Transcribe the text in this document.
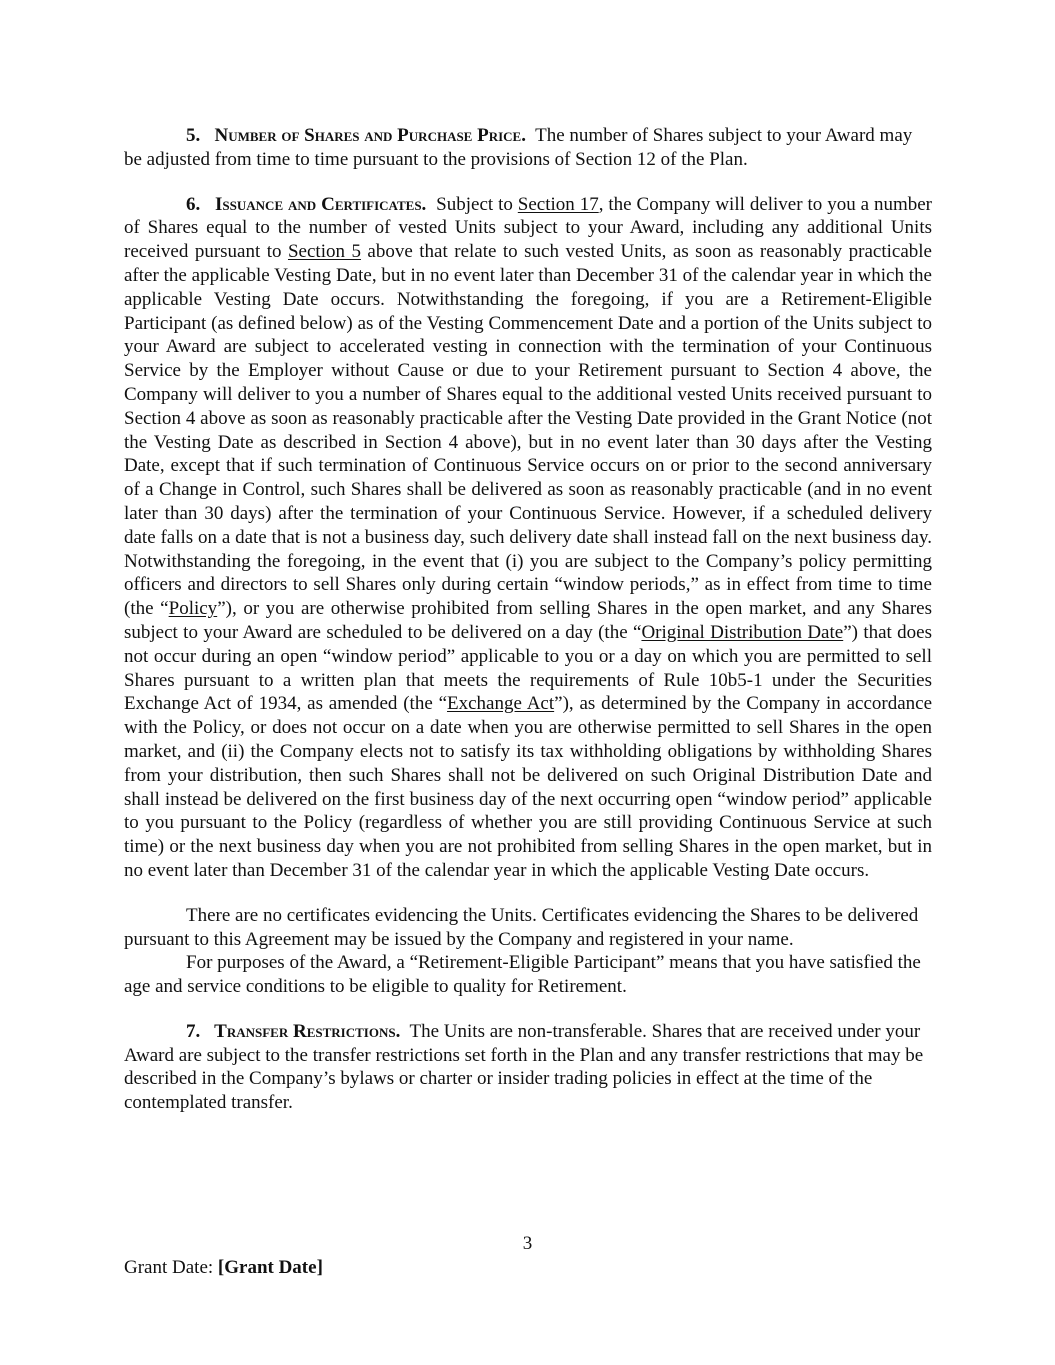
5. Number of Shares and Purchase Price. The number of Shares subject to your Award may be adjusted from time to time pursuant to the provisions of Section 12 of the Plan.

6. Issuance and Certificates. Subject to Section 17, the Company will deliver to you a number of Shares equal to the number of vested Units subject to your Award, including any additional Units received pursuant to Section 5 above that relate to such vested Units, as soon as reasonably practicable after the applicable Vesting Date, but in no event later than December 31 of the calendar year in which the applicable Vesting Date occurs. Notwithstanding the foregoing, if you are a Retirement-Eligible Participant (as defined below) as of the Vesting Commencement Date and a portion of the Units subject to your Award are subject to accelerated vesting in connection with the termination of your Continuous Service by the Employer without Cause or due to your Retirement pursuant to Section 4 above, the Company will deliver to you a number of Shares equal to the additional vested Units received pursuant to Section 4 above as soon as reasonably practicable after the Vesting Date provided in the Grant Notice (not the Vesting Date as described in Section 4 above), but in no event later than 30 days after the Vesting Date, except that if such termination of Continuous Service occurs on or prior to the second anniversary of a Change in Control, such Shares shall be delivered as soon as reasonably practicable (and in no event later than 30 days) after the termination of your Continuous Service. However, if a scheduled delivery date falls on a date that is not a business day, such delivery date shall instead fall on the next business day. Notwithstanding the foregoing, in the event that (i) you are subject to the Company’s policy permitting officers and directors to sell Shares only during certain “window periods,” as in effect from time to time (the “Policy”), or you are otherwise prohibited from selling Shares in the open market, and any Shares subject to your Award are scheduled to be delivered on a day (the “Original Distribution Date”) that does not occur during an open “window period” applicable to you or a day on which you are permitted to sell Shares pursuant to a written plan that meets the requirements of Rule 10b5-1 under the Securities Exchange Act of 1934, as amended (the “Exchange Act”), as determined by the Company in accordance with the Policy, or does not occur on a date when you are otherwise permitted to sell Shares in the open market, and (ii) the Company elects not to satisfy its tax withholding obligations by withholding Shares from your distribution, then such Shares shall not be delivered on such Original Distribution Date and shall instead be delivered on the first business day of the next occurring open “window period” applicable to you pursuant to the Policy (regardless of whether you are still providing Continuous Service at such time) or the next business day when you are not prohibited from selling Shares in the open market, but in no event later than December 31 of the calendar year in which the applicable Vesting Date occurs.

There are no certificates evidencing the Units. Certificates evidencing the Shares to be delivered pursuant to this Agreement may be issued by the Company and registered in your name.

For purposes of the Award, a “Retirement-Eligible Participant” means that you have satisfied the age and service conditions to be eligible to quality for Retirement.

7. Transfer Restrictions. The Units are non-transferable. Shares that are received under your Award are subject to the transfer restrictions set forth in the Plan and any transfer restrictions that may be described in the Company’s bylaws or charter or insider trading policies in effect at the time of the contemplated transfer.

3
Grant Date: [Grant Date]
